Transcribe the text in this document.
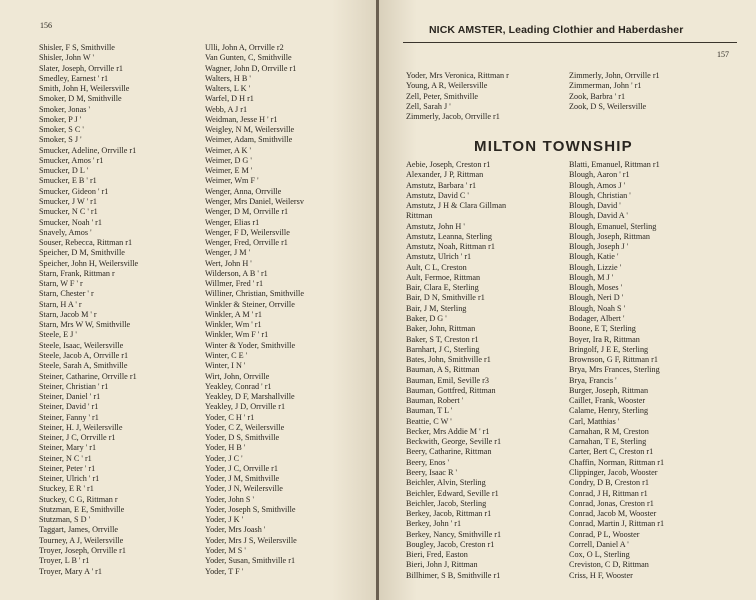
156
Shisler, F S, Smithville
Shisler, John W '
Slater, Joseph, Orrville r1
Smedley, Earnest ' r1
Smith, John H, Weilersville
Smoker, D M, Smithville
Smoker, Jonas '
Smoker, P J '
Smoker, S C '
Smoker, S J '
Smucker, Adeline, Orrville r1
Smucker, Amos ' r1
Smucker, D L '
Smucker, E B ' r1
Smucker, Gideon ' r1
Smucker, J W ' r1
Smucker, N C ' r1
Smucker, Noah ' r1
Snavely, Amos '
Souser, Rebecca, Rittman r1
Speicher, D M, Smithville
Speicher, John H, Weilersville
Starn, Frank, Rittman r
Starn, W F ' r
Starn, Chester ' r
Starn, H A ' r
Starn, Jacob M ' r
Starn, Mrs W W, Smithville
Steele, E J '
Steele, Isaac, Weilersville
Steele, Jacob A, Orrville r1
Steele, Sarah A, Smithville
Steiner, Catharine, Orrville r1
Steiner, Christian ' r1
Steiner, Daniel ' r1
Steiner, David ' r1
Steiner, Fanny ' r1
Steiner, H. J, Weilersville
Steiner, J C, Orrville r1
Steiner, Mary ' r1
Steiner, N C ' r1
Steiner, Peter ' r1
Steiner, Ulrich ' r1
Stuckey, E R ' r1
Stuckey, C G, Rittman r
Stutzman, E E, Smithville
Stutzman, S D '
Taggart, James, Orrville
Tourney, A J, Weilersville
Troyer, Joseph, Orrville r1
Troyer, L B ' r1
Troyer, Mary A ' r1
Ulli, John A, Orrville r2
Van Gunten, C, Smithville
Wagner, John D, Orrville r1
Walters, H B '
Walters, L K '
Warfel, D H r1
Webb, A J r1
Weidman, Jesse H ' r1
Weigley, N M, Weilersville
Weimer, Adam, Smithville
Weimer, A K '
Weimer, D G '
Weimer, E M '
Weimer, Wm F '
Wenger, Anna, Orrville
Wenger, Mrs Daniel, Weilersv
Wenger, D M, Orrville r1
Wenger, Elias r1
Wenger, F D, Weilersville
Wenger, Fred, Orrville r1
Wenger, J M '
Wert, John H '
Wilderson, A B ' r1
Willmer, Fred ' r1
Williner, Christian, Smithville
Winkler & Steiner, Orrville
Winkler, A M ' r1
Winkler, Wm ' r1
Winkler, Wm F ' r1
Winter & Yoder, Smithville
Winter, C E '
Winter, I N '
Wirt, John, Orrville
Yeakley, Conrad ' r1
Yeakley, D F, Marshallville
Yeakley, J D, Orrville r1
Yoder, C H ' r1
Yoder, C Z, Weilersville
Yoder, D S, Smithville
Yoder, H B '
Yoder, J C '
Yoder, J C, Orrville r1
Yoder, J M, Smithville
Yoder, J N, Weilersville
Yoder, John S '
Yoder, Joseph S, Smithville
Yoder, J K '
Yoder, Mrs Joash '
Yoder, Mrs J S, Weilersville
Yoder, M S '
Yoder, Susan, Smithville r1
Yoder, T F '
NICK AMSTER, Leading Clothier and Haberdasher
157
Yoder, Mrs Veronica, Rittman r
Young, A R, Weilersville
Zell, Peter, Smithville
Zell, Sarah J '
Zimmerly, Jacob, Orrville r1
Zimmerly, John, Orrville r1
Zimmerman, John ' r1
Zook, Barbra ' r1
Zook, D S, Weilersville
MILTON TOWNSHIP
Aebie, Joseph, Creston r1
Alexander, J P, Rittman
Amstutz, Barbara ' r1
Amstutz, David C '
Amstutz, J H & Clara Gillman
Rittman
Amstutz, John H '
Amstutz, Leanna, Sterling
Amstutz, Noah, Rittman r1
Amstutz, Ulrich ' r1
Ault, C L, Creston
Ault, Fermoe, Rittman
Bair, Clara E, Sterling
Bair, D N, Smithville r1
Bair, J M, Sterling
Baker, D G '
Baker, John, Rittman
Baker, S T, Creston r1
Barnhart, J C, Sterling
Bates, John, Smithville r1
Bauman, A S, Rittman
Bauman, Emil, Seville r3
Bauman, Gottfred, Rittman
Bauman, Robert '
Bauman, T L '
Beattie, C W '
Becker, Mrs Addie M ' r1
Beckwith, George, Seville r1
Beery, Catharine, Rittman
Beery, Enos '
Beery, Isaac R '
Beichler, Alvin, Sterling
Beichler, Edward, Seville r1
Beichler, Jacob, Sterling
Berkey, Jacob, Rittman r1
Berkey, John ' r1
Berkey, Nancy, Smithville r1
Bougley, Jacob, Creston r1
Bieri, Fred, Easton
Bieri, John J, Rittman
Billhimer, S B, Smithville r1
Blatti, Emanuel, Rittman r1
Blough, Aaron ' r1
Blough, Amos J '
Blough, Christian '
Blough, David '
Blough, David A '
Blough, Emanuel, Sterling
Blough, Joseph, Rittman
Blough, Joseph J '
Blough, Katie '
Blough, Lizzie '
Blough, M J '
Blough, Moses '
Blough, Neri D '
Blough, Noah S '
Bodager, Albert '
Boone, E T, Sterling
Boyer, Ira R, Rittman
Bringolf, J E E, Sterling
Brownson, G F, Rittman r1
Brya, Mrs Frances, Sterling
Brya, Francis '
Burger, Joseph, Rittman
Caillet, Frank, Wooster
Calame, Henry, Sterling
Carl, Matthias '
Carnahan, R M, Creston
Carnahan, T E, Sterling
Carter, Bert C, Creston r1
Chaffin, Norman, Rittman r1
Clippinger, Jacob, Wooster
Condry, D B, Creston r1
Conrad, J H, Rittman r1
Conrad, Jonas, Creston r1
Conrad, Jacob M, Wooster
Conrad, Martin J, Rittman r1
Conrad, P L, Wooster
Correll, Daniel A '
Cox, O L, Sterling
Creviston, C D, Rittman
Criss, H F, Wooster
